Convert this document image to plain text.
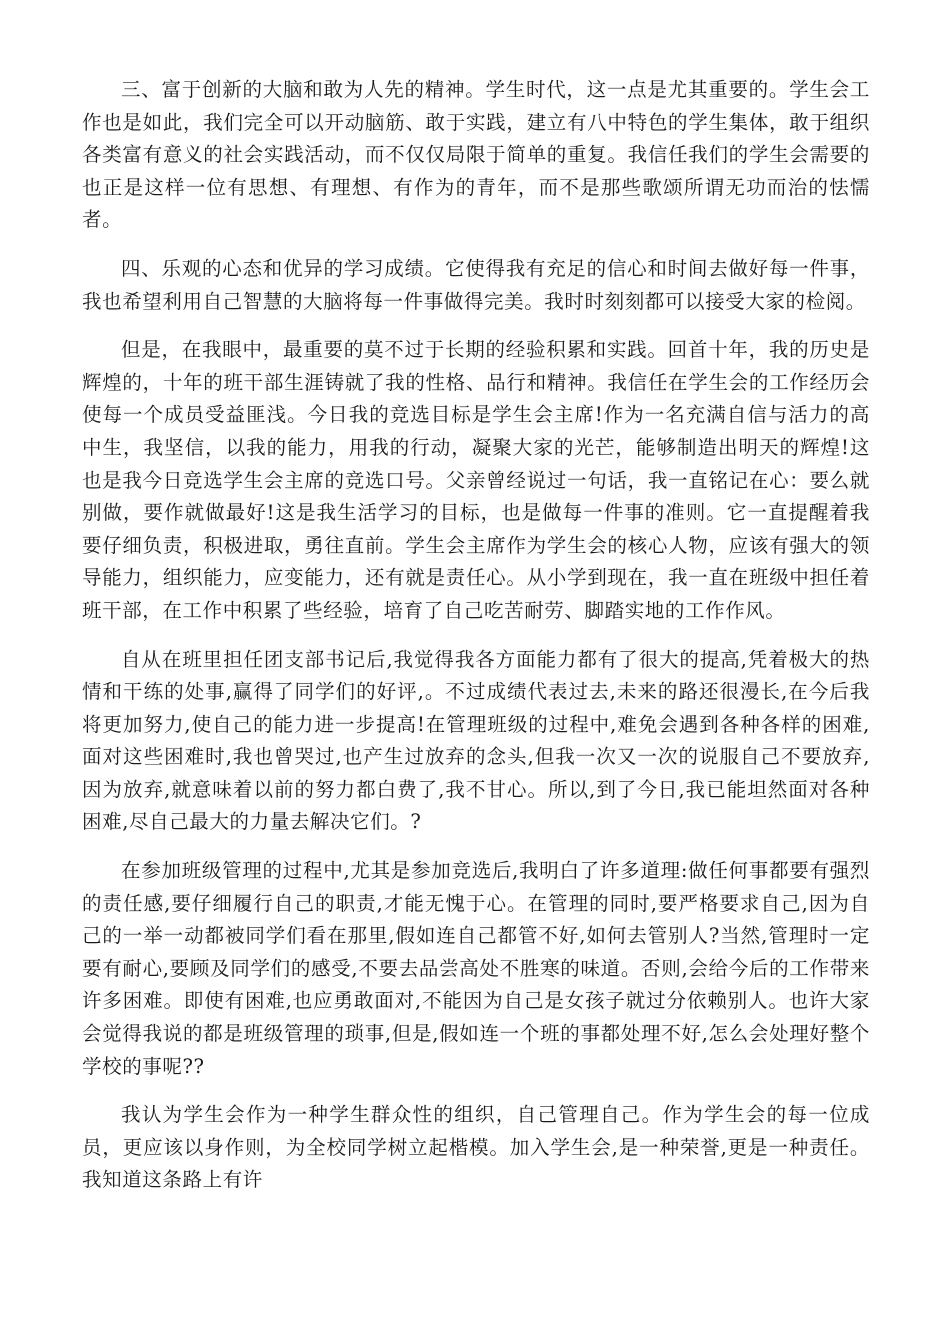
三、富于创新的大脑和敢为人先的精神。学生时代，这一点是尤其重要的。学生会工作也是如此，我们完全可以开动脑筋、敢于实践，建立有八中特色的学生集体，敢于组织各类富有意义的社会实践活动，而不仅仅局限于简单的重复。我信任我们的学生会需要的也正是这样一位有思想、有理想、有作为的青年，而不是那些歌颂所谓无功而治的怯懦者。

四、乐观的心态和优异的学习成绩。它使得我有充足的信心和时间去做好每一件事，我也希望利用自己智慧的大脑将每一件事做得完美。我时时刻刻都可以接受大家的检阅。

但是，在我眼中，最重要的莫不过于长期的经验积累和实践。回首十年，我的历史是辉煌的，十年的班干部生涯铸就了我的性格、品行和精神。我信任在学生会的工作经历会使每一个成员受益匪浅。今日我的竞选目标是学生会主席!作为一名充满自信与活力的高中生，我坚信，以我的能力，用我的行动，凝聚大家的光芒，能够制造出明天的辉煌!这也是我今日竞选学生会主席的竞选口号。父亲曾经说过一句话，我一直铭记在心：要么就别做，要作就做最好!这是我生活学习的目标，也是做每一件事的准则。它一直提醒着我要仔细负责，积极进取，勇往直前。学生会主席作为学生会的核心人物，应该有强大的领导能力，组织能力，应变能力，还有就是责任心。从小学到现在，我一直在班级中担任着班干部，在工作中积累了些经验，培育了自己吃苦耐劳、脚踏实地的工作作风。

自从在班里担任团支部书记后,我觉得我各方面能力都有了很大的提高,凭着极大的热情和干练的处事,赢得了同学们的好评,。不过成绩代表过去,未来的路还很漫长,在今后我将更加努力,使自己的能力进一步提高!在管理班级的过程中,难免会遇到各种各样的困难,面对这些困难时,我也曾哭过,也产生过放弃的念头,但我一次又一次的说服自己不要放弃,因为放弃,就意味着以前的努力都白费了,我不甘心。所以,到了今日,我已能坦然面对各种困难,尽自己最大的力量去解决它们。?

在参加班级管理的过程中,尤其是参加竞选后,我明白了许多道理:做任何事都要有强烈的责任感,要仔细履行自己的职责,才能无愧于心。在管理的同时,要严格要求自己,因为自己的一举一动都被同学们看在那里,假如连自己都管不好,如何去管别人?当然,管理时一定要有耐心,要顾及同学们的感受,不要去品尝高处不胜寒的味道。否则,会给今后的工作带来许多困难。即使有困难,也应勇敢面对,不能因为自己是女孩子就过分依赖别人。也许大家会觉得我说的都是班级管理的琐事,但是,假如连一个班的事都处理不好,怎么会处理好整个学校的事呢??

我认为学生会作为一种学生群众性的组织，自己管理自己。作为学生会的每一位成员，更应该以身作则，为全校同学树立起楷模。加入学生会,是一种荣誉,更是一种责任。我知道这条路上有许
